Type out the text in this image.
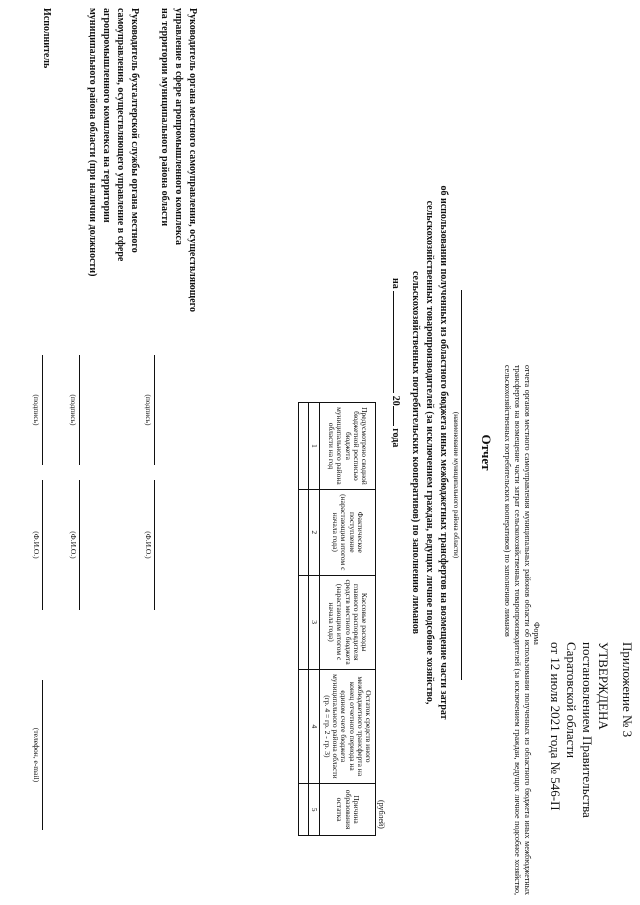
Приложение № 3
УТВЕРЖДЕНА
постановлением Правительства
Саратовской области
от 12 июля 2021 года № 546-П
Форма
отчета органов местного самоуправления муниципальных районов области об использовании полученных из областного бюджета иных межбюджетных трансфертов на возмещение части затрат сельскохозяйственных товаропроизводителей (за исключением граждан, ведущих личное подсобное хозяйство, сельскохозяйственных потребительских кооперативов) по заполнению лиманов
Отчет
(наименование муниципального района области)
об использовании полученных из областного бюджета иных межбюджетных трансфертов на возмещение части затрат
сельскохозяйственных товаропроизводителей (за исключением граждан, ведущих личное подсобное хозяйство,
сельскохозяйственных потребительских кооперативов) по заполнению лиманов
на  20 года
(рублей)
Предусмотрено сводной бюджетной росписью бюджета муниципального района области на год	Фактическое поступление (нарастающим итогом с начала года)	Кассовые расходы главного распорядителя средств местного бюджета (нарастающим итогом с начала года)	Остаток средств иного межбюджетного трансферта на конец отчетного периода на едином счете бюджета муниципального района области (гр. 4 = гр. 2 - гр. 3)	Причина образования остатка
1	2	3	4	5

Руководитель органа местного самоуправления, осуществляющего
управление в сфере агропромышленного комплекса
на территории муниципального района области
(подпись)
(Ф.И.О.)
Руководитель бухгалтерской службы органа местного
самоуправления, осуществляющего управление в сфере
агропромышленного комплекса на территории
муниципального района области (при наличии должности)
(подпись)
(Ф.И.О.)
Исполнитель
(подпись)
(Ф.И.О.)
(телефон, e-mail)
